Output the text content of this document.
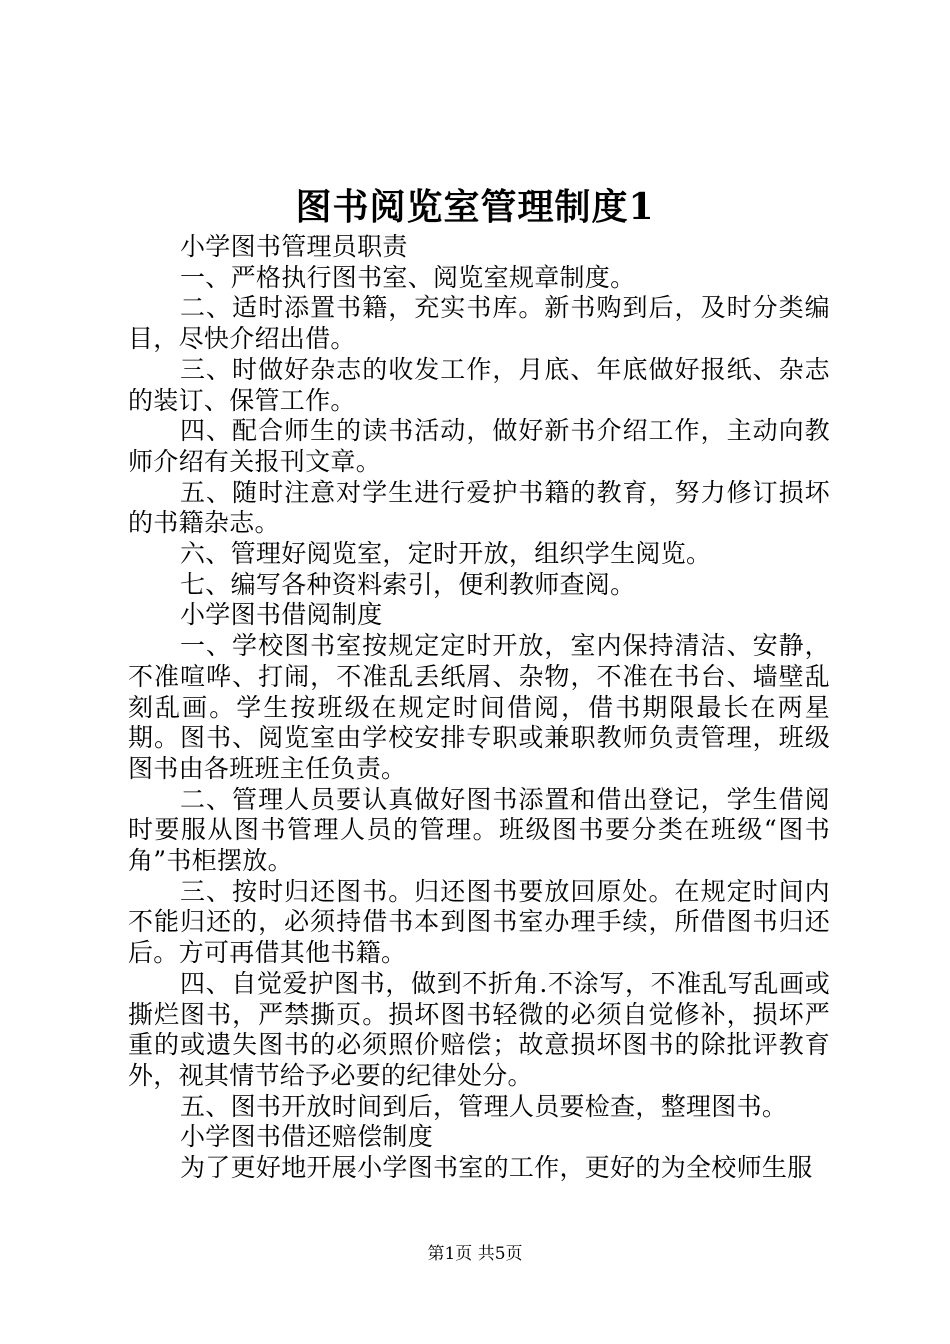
图书阅览室管理制度1

小学图书管理员职责

一、严格执行图书室、阅览室规章制度。

二、适时添置书籍，充实书库。新书购到后，及时分类编目，尽快介绍出借。

三、时做好杂志的收发工作，月底、年底做好报纸、杂志的装订、保管工作。

四、配合师生的读书活动，做好新书介绍工作，主动向教师介绍有关报刊文章。

五、随时注意对学生进行爱护书籍的教育，努力修订损坏的书籍杂志。

六、管理好阅览室，定时开放，组织学生阅览。

七、编写各种资料索引，便利教师查阅。

小学图书借阅制度

一、学校图书室按规定定时开放，室内保持清洁、安静，不准喧哗、打闹，不准乱丢纸屑、杂物，不准在书台、墙壁乱刻乱画。学生按班级在规定时间借阅，借书期限最长在两星期。图书、阅览室由学校安排专职或兼职教师负责管理，班级图书由各班班主任负责。

二、管理人员要认真做好图书添置和借出登记，学生借阅时要服从图书管理人员的管理。班级图书要分类在班级“图书角”书柜摆放。

三、按时归还图书。归还图书要放回原处。在规定时间内不能归还的，必须持借书本到图书室办理手续，所借图书归还后。方可再借其他书籍。

四、自觉爱护图书，做到不折角.不涂写，不准乱写乱画或撕烂图书，严禁撕页。损坏图书轻微的必须自觉修补，损坏严重的或遗失图书的必须照价赔偿；故意损坏图书的除批评教育外，视其情节给予必要的纪律处分。

五、图书开放时间到后，管理人员要检查，整理图书。

小学图书借还赔偿制度

为了更好地开展小学图书室的工作，更好的为全校师生服

第1页 共5页
